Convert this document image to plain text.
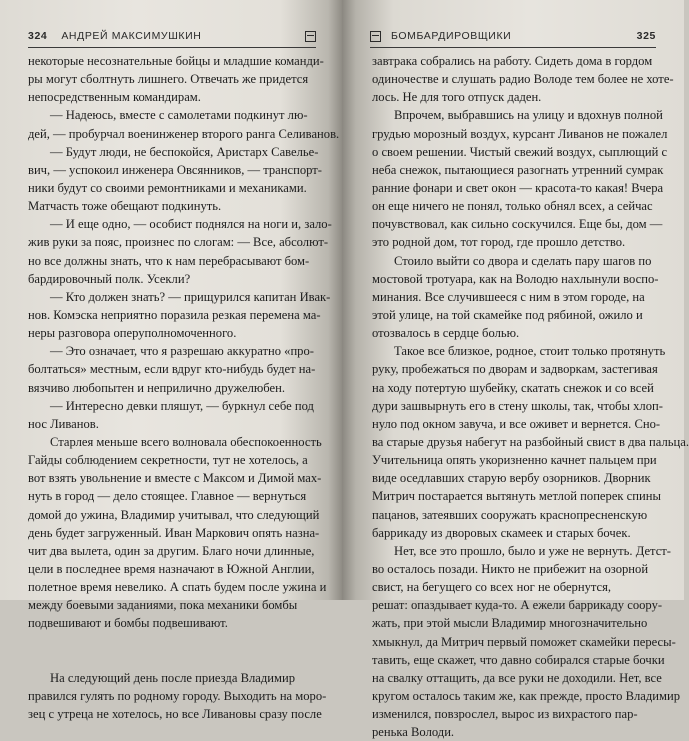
324 АНДРЕЙ МАКСИМУШКИН
некоторые несознательные бойцы и младшие команди-
ры могут сболтнуть лишнего. Отвечать же придется
непосредственным командирам.
— Надеюсь, вместе с самолетами подкинут лю-
дей, — пробурчал военинженер второго ранга Селиванов.
— Будут люди, не беспокойся, Аристарх Савелье-
вич, — успокоил инженера Овсянников, — транспорт-
ники будут со своими ремонтниками и механиками.
Матчасть тоже обещают подкинуть.
— И еще одно, — особист поднялся на ноги и, зало-
жив руки за пояс, произнес по слогам: — Все, абсолют-
но все должны знать, что к нам перебрасывают бом-
бардировочный полк. Усекли?
— Кто должен знать? — прищурился капитан Ивак-
нов. Комэска неприятно поразила резкая перемена ма-
неры разговора оперуполномоченного.
— Это означает, что я разрешаю аккуратно «про-
болтаться» местным, если вдруг кто-нибудь будет на-
вязчиво любопытен и неприлично дружелюбен.
— Интересно девки пляшут, — буркнул себе под
нос Ливанов.
Старлея меньше всего волновала обеспокоенность
Гайды соблюдением секретности, тут не хотелось, а
вот взять увольнение и вместе с Максом и Димой мах-
нуть в город — дело стоящее. Главное — вернуться
домой до ужина, Владимир учитывал, что следующий
день будет загруженный. Иван Маркович опять назна-
чит два вылета, один за другим. Благо ночи длинные,
цели в последнее время назначают в Южной Англии,
полетное время невелико. А спать будем после ужина и
между боевыми заданиями, пока механики бомбы
подвешивают и бомбы подвешивают.
На следующий день после приезда Владимир
правился гулять по родному городу. Выходить на моро-
зец с утреца не хотелось, но все Ливановы сразу после
БОМБАРДИРОВЩИКИ	325
завтрака собрались на работу. Сидеть дома в гордом
одиночестве и слушать радио Володе тем более не хоте-
лось. Не для того отпуск даден.
Впрочем, выбравшись на улицу и вдохнув полной
грудью морозный воздух, курсант Ливанов не пожалел
о своем решении. Чистый свежий воздух, сыплющий с
неба снежок, пытающиеся разогнать утренний сумрак
ранние фонари и свет окон — красота-то какая! Вчера
он еще ничего не понял, только обнял всех, а сейчас
почувствовал, как сильно соскучился. Еще бы, дом —
это родной дом, тот город, где прошло детство.
Стоило выйти со двора и сделать пару шагов по
мостовой тротуара, как на Володю нахлынули воспо-
минания. Все случившееся с ним в этом городе, на
этой улице, на той скамейке под рябиной, ожило и
отозвалось в сердце болью.
Такое все близкое, родное, стоит только протянуть
руку, пробежаться по дворам и задворкам, застегивая
на ходу потертую шубейку, скатать снежок и со всей
дури зашвырнуть его в стену школы, так, чтобы хлоп-
нуло под окном завуча, и все оживет и вернется. Сно-
ва старые друзья набегут на разбойный свист в два пальца.
Учительница опять укоризненно качнет пальцем при
виде оседлавших старую вербу озорников. Дворник
Митрич постарается вытянуть метлой поперек спины
пацанов, затеявших сооружать краснопресненскую
баррикаду из дворовых скамеек и старых бочек.
Нет, все это прошло, было и уже не вернуть. Детст-
во осталось позади. Никто не прибежит на озорной
свист, на бегущего со всех ног не обернутся,
решат: опаздывает куда-то. А ежели баррикаду соору-
жать, при этой мысли Владимир многозначительно
хмыкнул, да Митрич первый поможет скамейки пересы-
тавить, еще скажет, что давно собирался старые бочки
на свалку оттащить, да все руки не доходили. Нет, все
кругом осталось таким же, как прежде, просто Владимир
изменился, повзрослел, вырос из вихрастого пар-
ренька Володи.
